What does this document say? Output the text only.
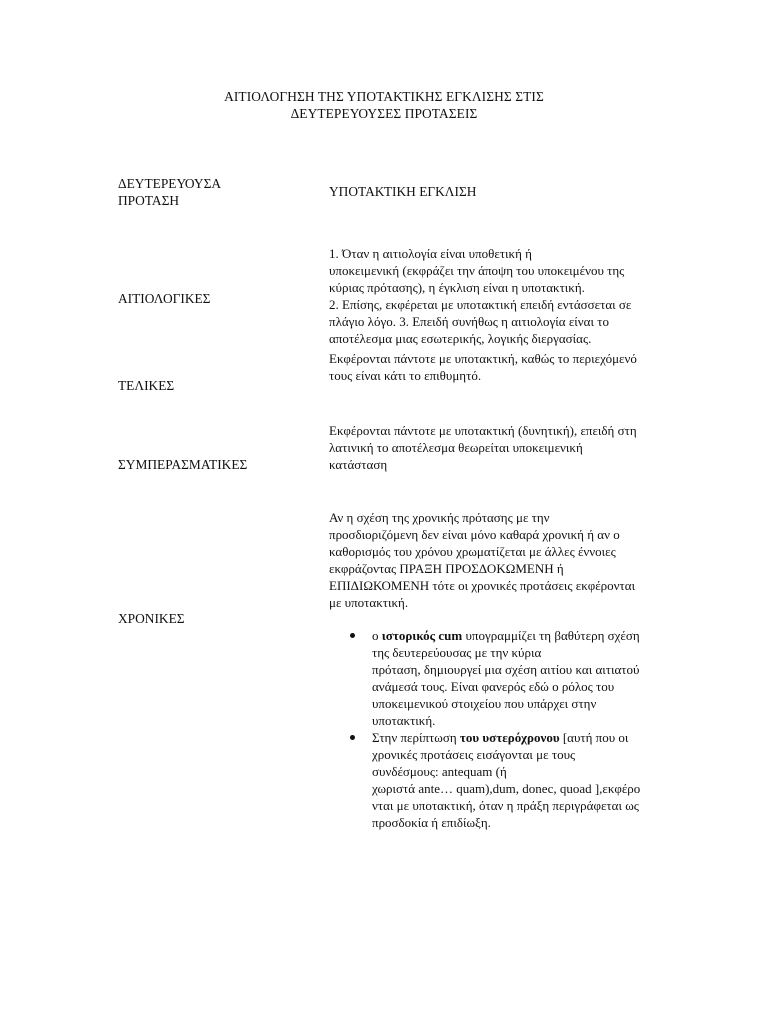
ΑΙΤΙΟΛΟΓΗΣΗ ΤΗΣ ΥΠΟΤΑΚΤΙΚΗΣ ΕΓΚΛΙΣΗΣ ΣΤΙΣ
ΔΕΥΤΕΡΕΥΟΥΣΕΣ ΠΡΟΤΑΣΕΙΣ
ΔΕΥΤΕΡΕΥΟΥΣΑ
ΠΡΟΤΑΣΗ
ΥΠΟΤΑΚΤΙΚΗ ΕΓΚΛΙΣΗ
ΑΙΤΙΟΛΟΓΙΚΕΣ
1. Όταν η αιτιολογία είναι υποθετική ή
υποκειμενική (εκφράζει την άποψη του υποκειμένου της
κύριας πρότασης), η έγκλιση είναι η υποτακτική.
2. Επίσης, εκφέρεται με υποτακτική επειδή εντάσσεται σε
πλάγιο λόγο. 3. Επειδή συνήθως η αιτιολογία είναι το
αποτέλεσμα μιας εσωτερικής, λογικής διεργασίας.
ΤΕΛΙΚΕΣ
Εκφέρονται πάντοτε με υποτακτική, καθώς το περιεχόμενό
τους είναι κάτι το επιθυμητό.
ΣΥΜΠΕΡΑΣΜΑΤΙΚΕΣ
Εκφέρονται πάντοτε με υποτακτική (δυνητική), επειδή στη
λατινική το αποτέλεσμα θεωρείται υποκειμενική
κατάσταση
ΧΡΟΝΙΚΕΣ
Αν η σχέση της χρονικής πρότασης με την
προσδιοριζόμενη δεν είναι μόνο καθαρά χρονική ή αν ο
καθορισμός του χρόνου χρωματίζεται με άλλες έννοιες
εκφράζοντας ΠΡΑΞΗ ΠΡΟΣΔΟΚΩΜΕΝΗ ή
ΕΠΙΔΙΩΚΟΜΕΝΗ τότε οι χρονικές προτάσεις εκφέρονται
με υποτακτική.
ο ιστορικός cum υπογραμμίζει τη βαθύτερη σχέση
της δευτερεύουσας με την κύρια
πρόταση, δημιουργεί μια σχέση αιτίου και αιτιατού
ανάμεσά τους. Είναι φανερός εδώ ο ρόλος του
υποκειμενικού στοιχείου που υπάρχει στην
υποτακτική.
Στην περίπτωση του υστερόχρονου [αυτή που οι
χρονικές προτάσεις εισάγονται με τους
συνδέσμους: antequam (ή
χωριστά ante… quam),dum, donec, quoad ],εκφέρο
νται με υποτακτική, όταν η πράξη περιγράφεται ως
προσδοκία ή επιδίωξη.
